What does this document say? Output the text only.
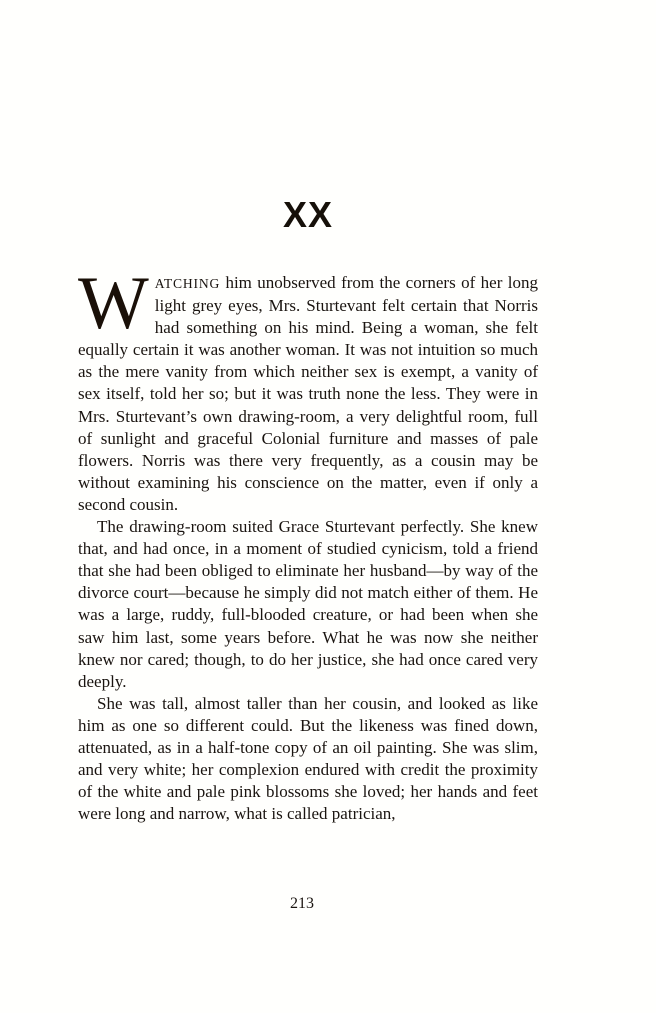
XX

WATCHING him unobserved from the corners of her long light grey eyes, Mrs. Sturtevant felt certain that Norris had something on his mind. Being a woman, she felt equally certain it was another woman. It was not intuition so much as the mere vanity from which neither sex is exempt, a vanity of sex itself, told her so; but it was truth none the less. They were in Mrs. Sturtevant’s own drawing-room, a very delightful room, full of sunlight and graceful Colonial furniture and masses of pale flowers. Norris was there very frequently, as a cousin may be without examining his conscience on the matter, even if only a second cousin.

The drawing-room suited Grace Sturtevant perfectly. She knew that, and had once, in a moment of studied cynicism, told a friend that she had been obliged to eliminate her husband—by way of the divorce court—because he simply did not match either of them. He was a large, ruddy, full-blooded creature, or had been when she saw him last, some years before. What he was now she neither knew nor cared; though, to do her justice, she had once cared very deeply.

She was tall, almost taller than her cousin, and looked as like him as one so different could. But the likeness was fined down, attenuated, as in a half-tone copy of an oil painting. She was slim, and very white; her complexion endured with credit the proximity of the white and pale pink blossoms she loved; her hands and feet were long and narrow, what is called patrician,

213
